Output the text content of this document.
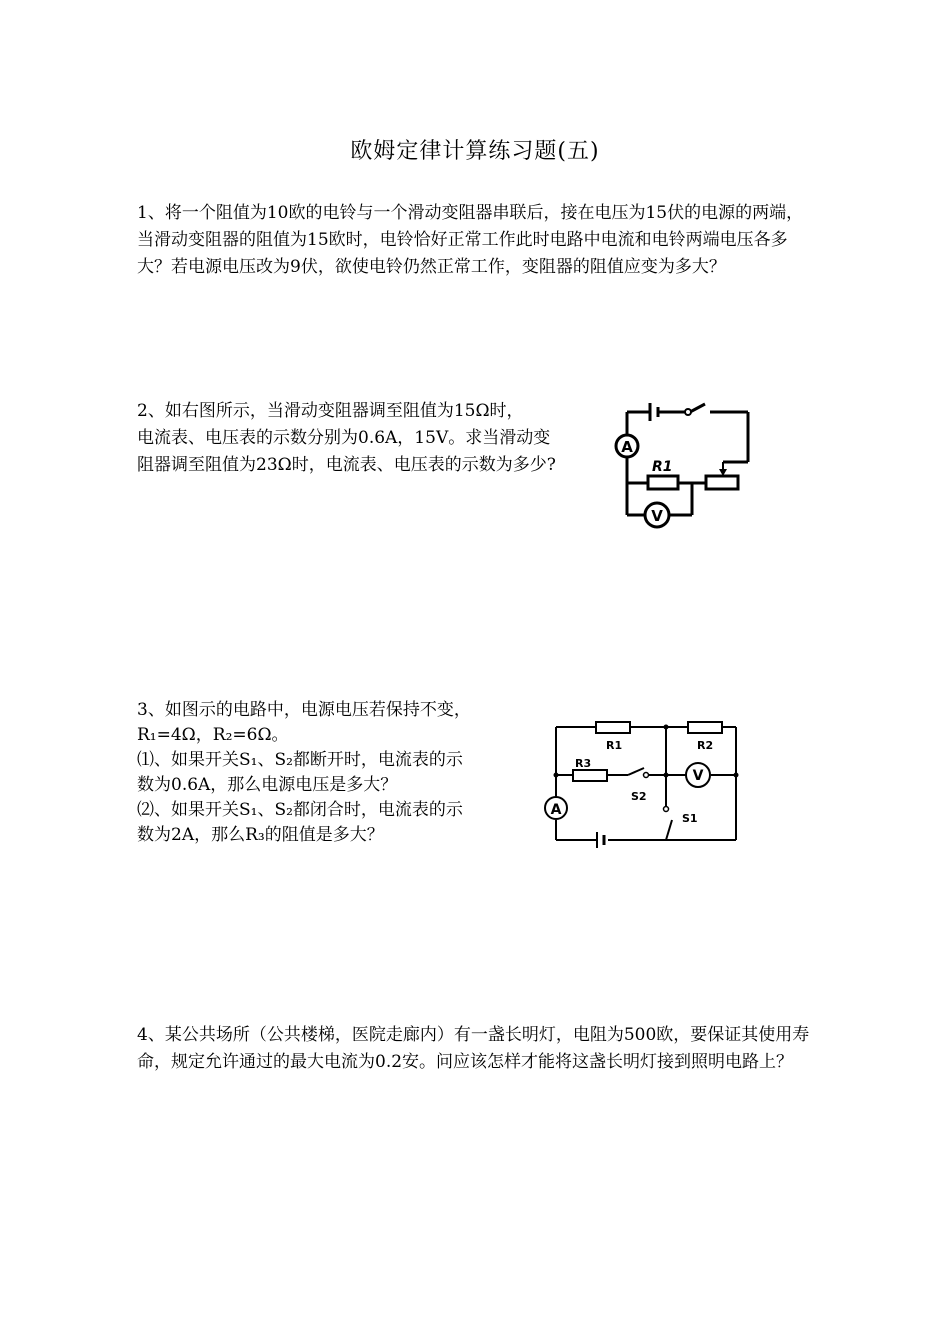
欧姆定律计算练习题(五)

1、将一个阻值为10欧的电铃与一个滑动变阻器串联后，接在电压为15伏的电源的两端，当滑动变阻器的阻值为15欧时，电铃恰好正常工作此时电路中电流和电铃两端电压各多大？若电源电压改为9伏，欲使电铃仍然正常工作，变阻器的阻值应变为多大？

2、如右图所示，当滑动变阻器调至阻值为15Ω时，
电流表、电压表的示数分别为0.6A，15V。求当滑动变
阻器调至阻值为23Ω时，电流表、电压表的示数为多少?
A
R1
V
3、如图示的电路中，电源电压若保持不变，
R₁=4Ω，R₂=6Ω。
⑴、如果开关S₁、S₂都断开时，电流表的示
数为0.6A，那么电源电压是多大？
⑵、如果开关S₁、S₂都闭合时，电流表的示
数为2A，那么R₃的阻值是多大？
R1	R2
R3
S2
S1
V
A

4、某公共场所（公共楼梯，医院走廊内）有一盏长明灯，电阻为500欧，要保证其使用寿命，规定允许通过的最大电流为0.2安。问应该怎样才能将这盏长明灯接到照明电路上？
